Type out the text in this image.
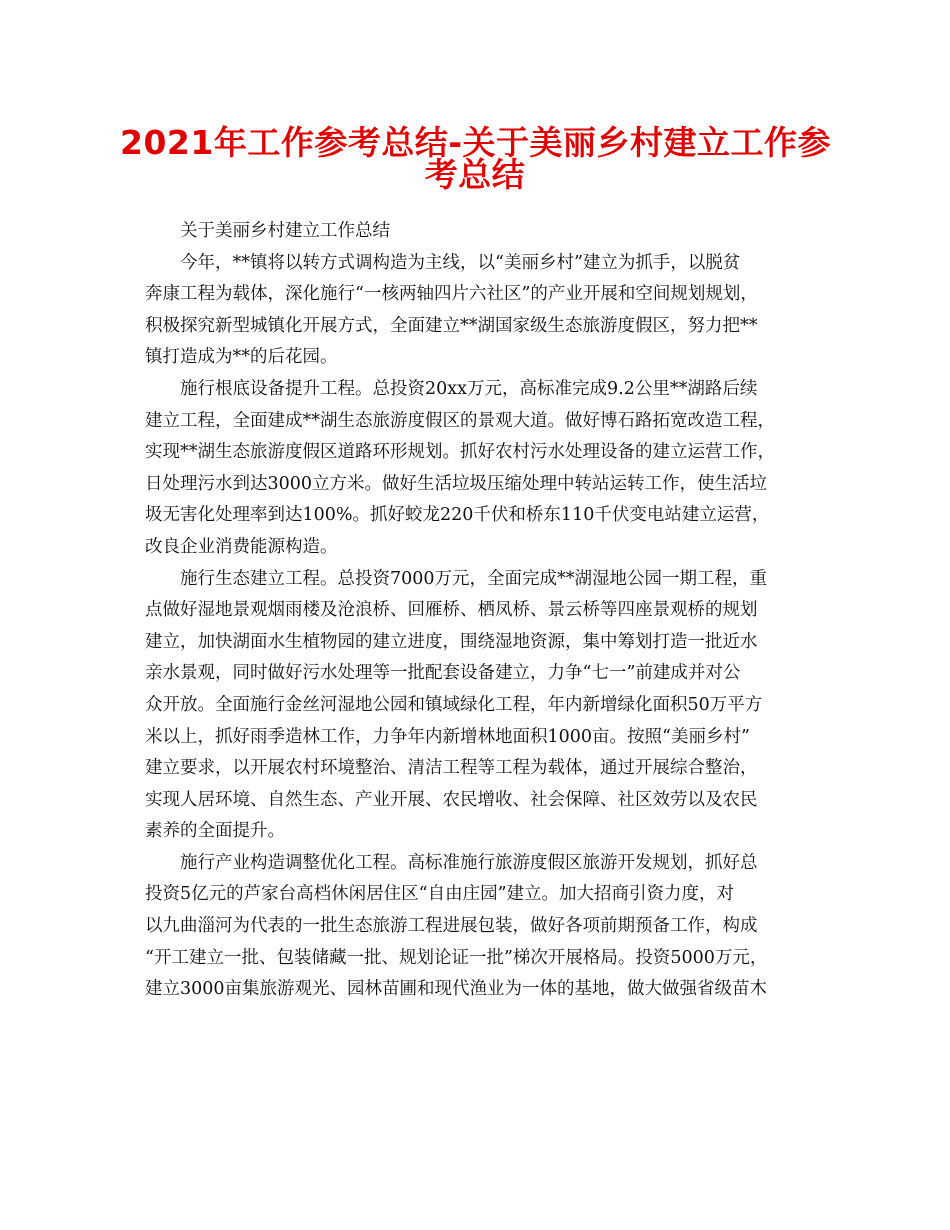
2021年工作参考总结-关于美丽乡村建立工作参
考总结
关于美丽乡村建立工作总结
今年，**镇将以转方式调构造为主线，以“美丽乡村”建立为抓手，以脱贫
奔康工程为载体，深化施行“一核两轴四片六社区”的产业开展和空间规划规划，
积极探究新型城镇化开展方式，全面建立**湖国家级生态旅游度假区，努力把**
镇打造成为**的后花园。
施行根底设备提升工程。总投资20xx万元，高标准完成9.2公里**湖路后续
建立工程，全面建成**湖生态旅游度假区的景观大道。做好博石路拓宽改造工程，
实现**湖生态旅游度假区道路环形规划。抓好农村污水处理设备的建立运营工作，
日处理污水到达3000立方米。做好生活垃圾压缩处理中转站运转工作，使生活垃
圾无害化处理率到达100%。抓好蛟龙220千伏和桥东110千伏变电站建立运营，
改良企业消费能源构造。
施行生态建立工程。总投资7000万元，全面完成**湖湿地公园一期工程，重
点做好湿地景观烟雨楼及沧浪桥、回雁桥、栖凤桥、景云桥等四座景观桥的规划
建立，加快湖面水生植物园的建立进度，围绕湿地资源，集中筹划打造一批近水
亲水景观，同时做好污水处理等一批配套设备建立，力争“七一”前建成并对公
众开放。全面施行金丝河湿地公园和镇域绿化工程，年内新增绿化面积50万平方
米以上，抓好雨季造林工作，力争年内新增林地面积1000亩。按照“美丽乡村”
建立要求，以开展农村环境整治、清洁工程等工程为载体，通过开展综合整治，
实现人居环境、自然生态、产业开展、农民增收、社会保障、社区效劳以及农民
素养的全面提升。
施行产业构造调整优化工程。高标准施行旅游度假区旅游开发规划，抓好总
投资5亿元的芦家台高档休闲居住区“自由庄园”建立。加大招商引资力度，对
以九曲淄河为代表的一批生态旅游工程进展包装，做好各项前期预备工作，构成
“开工建立一批、包装储藏一批、规划论证一批”梯次开展格局。投资5000万元，
建立3000亩集旅游观光、园林苗圃和现代渔业为一体的基地，做大做强省级苗木
